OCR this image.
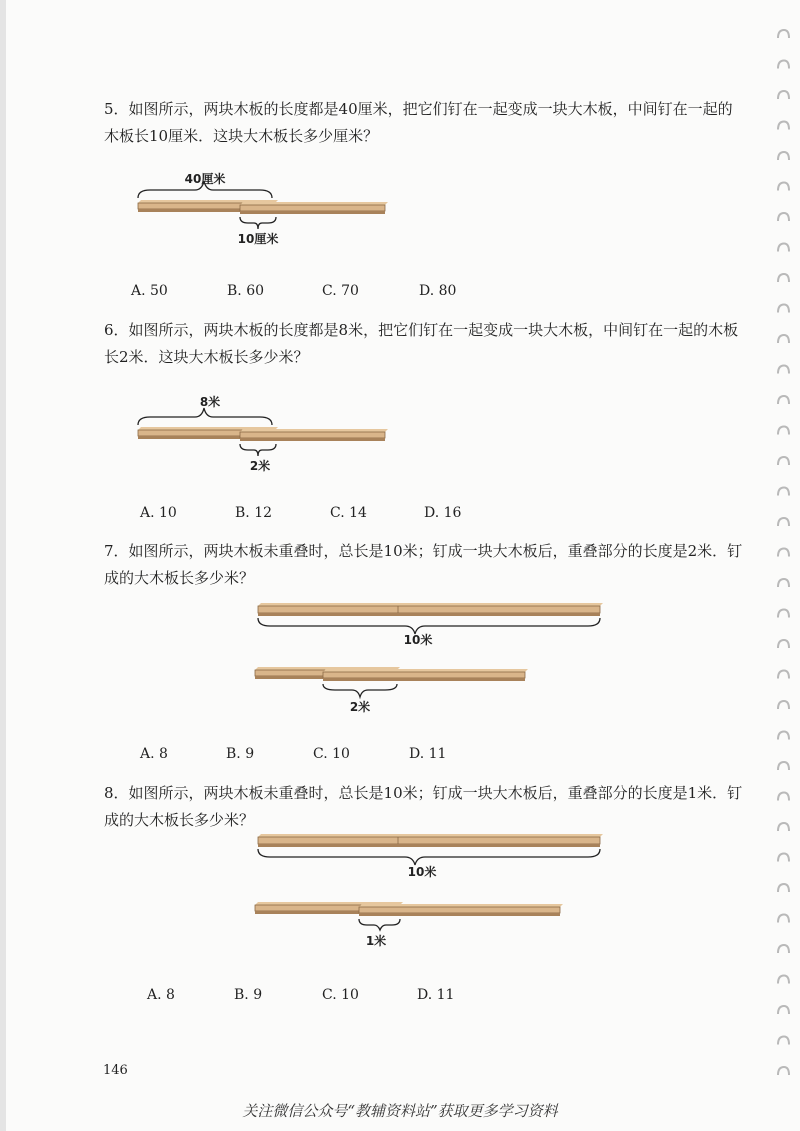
5．如图所示，两块木板的长度都是40厘米，把它们钉在一起变成一块大木板，中间钉在一起的木板长10厘米．这块大木板长多少厘米？

40厘米
10厘米
A. 50	B. 60	C. 70	D. 80

6．如图所示，两块木板的长度都是8米，把它们钉在一起变成一块大木板，中间钉在一起的木板长2米．这块大木板长多少米？

8米
2米
A. 10	B. 12	C. 14	D. 16

7．如图所示，两块木板未重叠时，总长是10米；钉成一块大木板后，重叠部分的长度是2米．钉成的大木板长多少米？

10米
2米
A. 8	B. 9	C. 10	D. 11

8．如图所示，两块木板未重叠时，总长是10米；钉成一块大木板后，重叠部分的长度是1米．钉成的大木板长多少米？

10米
1米
A. 8	B. 9	C. 10	D. 11
146
关注微信公众号“教辅资料站”获取更多学习资料
